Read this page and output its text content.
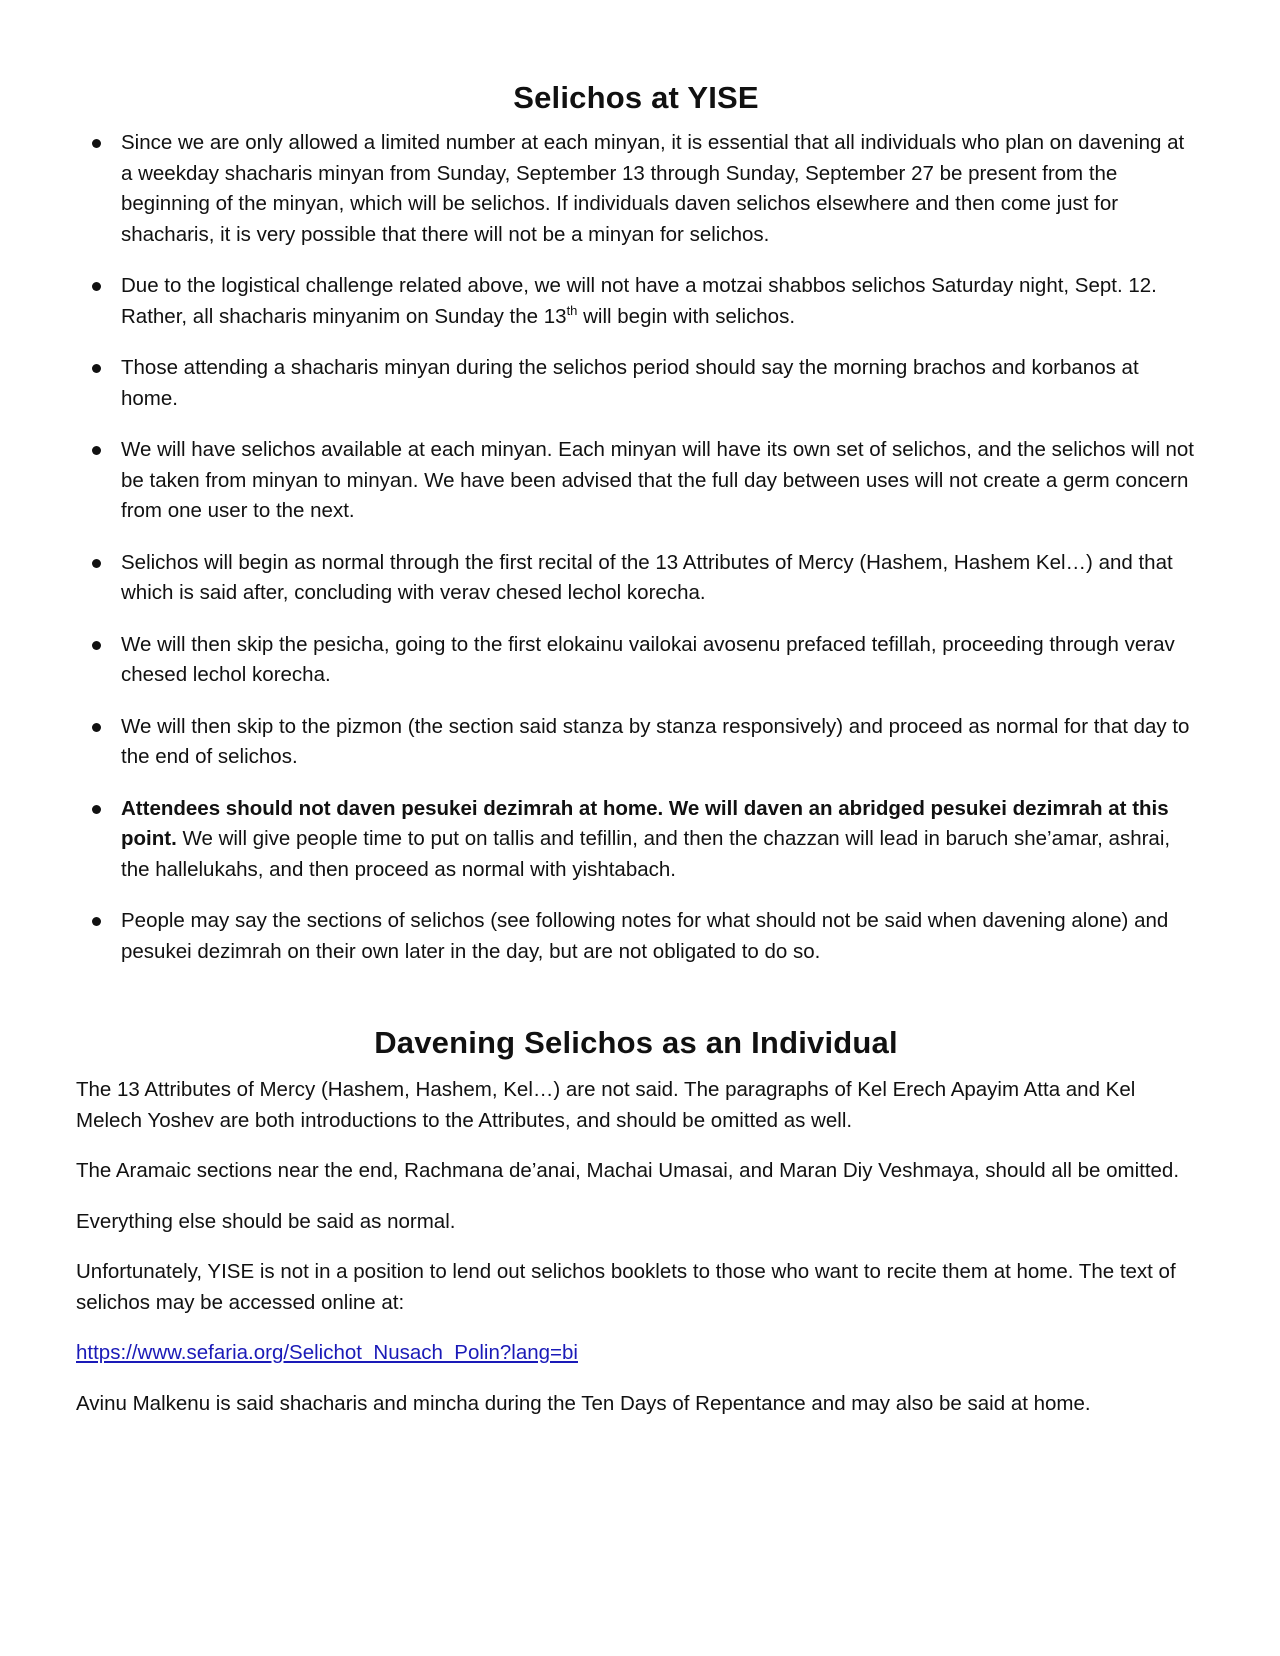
Selichos at YISE
Since we are only allowed a limited number at each minyan, it is essential that all individuals who plan on davening at a weekday shacharis minyan from Sunday, September 13 through Sunday, September 27 be present from the beginning of the minyan, which will be selichos. If individuals daven selichos elsewhere and then come just for shacharis, it is very possible that there will not be a minyan for selichos.
Due to the logistical challenge related above, we will not have a motzai shabbos selichos Saturday night, Sept. 12. Rather, all shacharis minyanim on Sunday the 13th will begin with selichos.
Those attending a shacharis minyan during the selichos period should say the morning brachos and korbanos at home.
We will have selichos available at each minyan. Each minyan will have its own set of selichos, and the selichos will not be taken from minyan to minyan. We have been advised that the full day between uses will not create a germ concern from one user to the next.
Selichos will begin as normal through the first recital of the 13 Attributes of Mercy (Hashem, Hashem Kel…) and that which is said after, concluding with verav chesed lechol korecha.
We will then skip the pesicha, going to the first elokainu vailokai avosenu prefaced tefillah, proceeding through verav chesed lechol korecha.
We will then skip to the pizmon (the section said stanza by stanza responsively) and proceed as normal for that day to the end of selichos.
Attendees should not daven pesukei dezimrah at home. We will daven an abridged pesukei dezimrah at this point. We will give people time to put on tallis and tefillin, and then the chazzan will lead in baruch she’amar, ashrai, the hallelukahs, and then proceed as normal with yishtabach.
People may say the sections of selichos (see following notes for what should not be said when davening alone) and pesukei dezimrah on their own later in the day, but are not obligated to do so.
Davening Selichos as an Individual

The 13 Attributes of Mercy (Hashem, Hashem, Kel…) are not said. The paragraphs of Kel Erech Apayim Atta and Kel Melech Yoshev are both introductions to the Attributes, and should be omitted as well.

The Aramaic sections near the end, Rachmana de’anai, Machai Umasai, and Maran Diy Veshmaya, should all be omitted.

Everything else should be said as normal.

Unfortunately, YISE is not in a position to lend out selichos booklets to those who want to recite them at home. The text of selichos may be accessed online at:

https://www.sefaria.org/Selichot_Nusach_Polin?lang=bi

Avinu Malkenu is said shacharis and mincha during the Ten Days of Repentance and may also be said at home.
